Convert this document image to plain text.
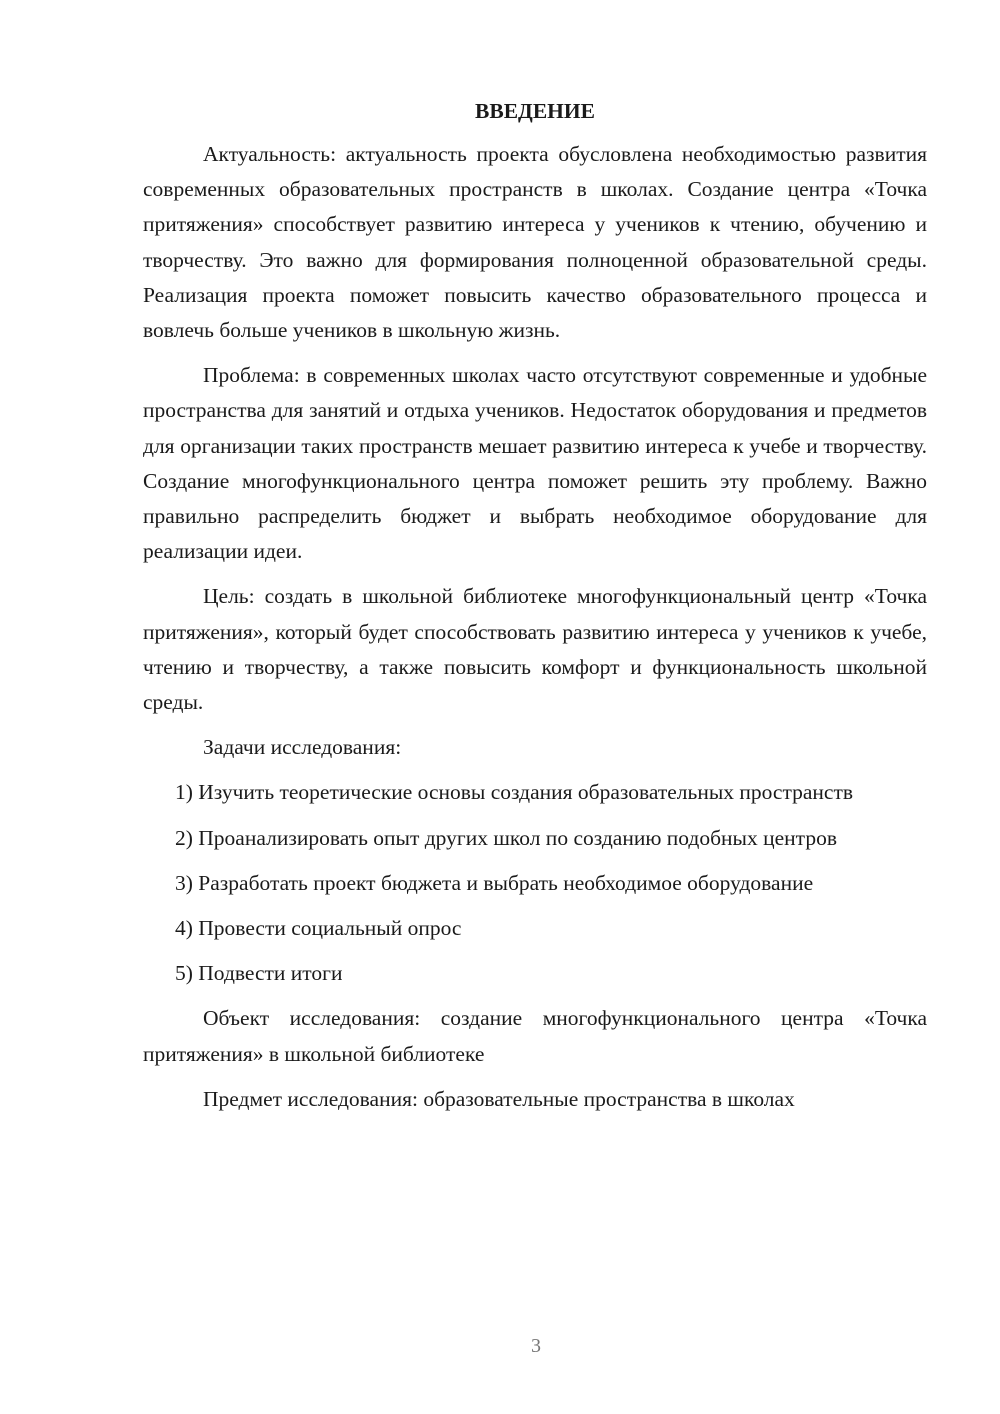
ВВЕДЕНИЕ

Актуальность: актуальность проекта обусловлена необходимостью развития современных образовательных пространств в школах. Создание центра «Точка притяжения» способствует развитию интереса у учеников к чтению, обучению и творчеству. Это важно для формирования полноценной образовательной среды. Реализация проекта поможет повысить качество образовательного процесса и вовлечь больше учеников в школьную жизнь.

Проблема: в современных школах часто отсутствуют современные и удобные пространства для занятий и отдыха учеников. Недостаток оборудования и предметов для организации таких пространств мешает развитию интереса к учебе и творчеству. Создание многофункционального центра поможет решить эту проблему. Важно правильно распределить бюджет и выбрать необходимое оборудование для реализации идеи.

Цель: создать в школьной библиотеке многофункциональный центр «Точка притяжения», который будет способствовать развитию интереса у учеников к учебе, чтению и творчеству, а также повысить комфорт и функциональность школьной среды.

Задачи исследования:

1) Изучить теоретические основы создания образовательных пространств

2) Проанализировать опыт других школ по созданию подобных центров

3) Разработать проект бюджета и выбрать необходимое оборудование

4) Провести социальный опрос

5) Подвести итоги

Объект исследования: создание многофункционального центра «Точка притяжения» в школьной библиотеке

Предмет исследования: образовательные пространства в школах

3
